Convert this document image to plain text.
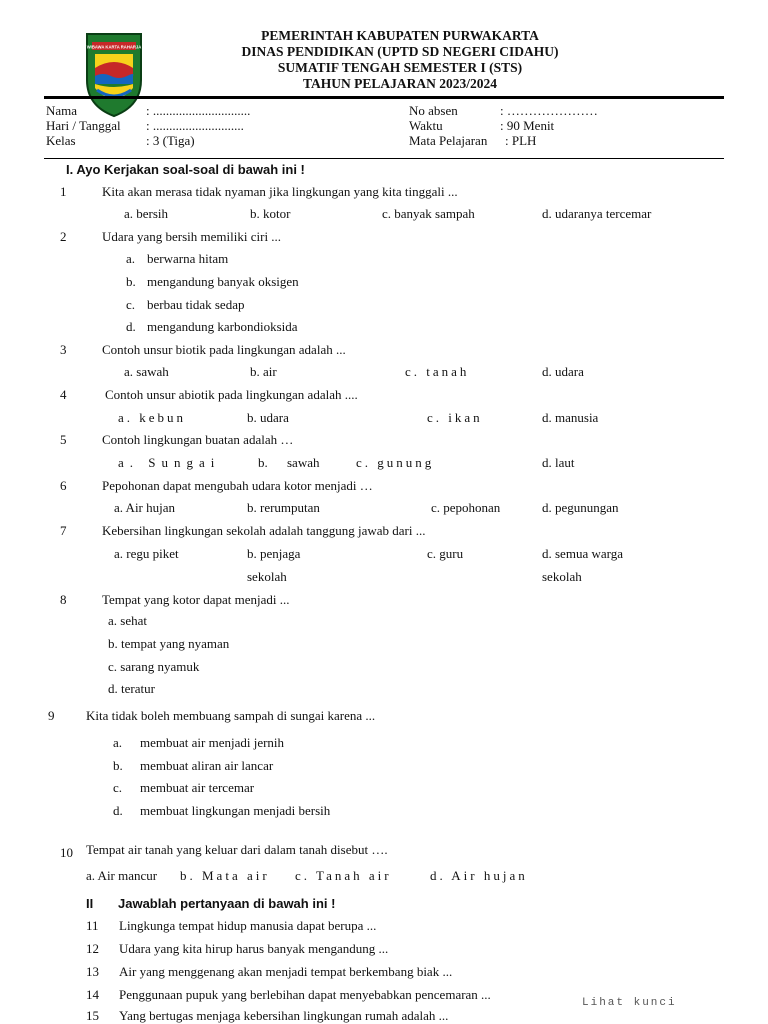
WIBAWA KARTA RAHARJA
PEMERINTAH KABUPATEN PURWAKARTA
DINAS PENDIDIKAN (UPTD SD NEGERI CIDAHU)
SUMATIF TENGAH SEMESTER I (STS)
TAHUN PELAJARAN 2023/2024
Nama	: ..............................
Hari / Tanggal : ............................
Kelas	: 3 (Tiga)
No absen	: …………………
Waktu	: 90 Menit
Mata Pelajaran : PLH
I. Ayo Kerjakan soal-soal di bawah ini !
1	Kita akan merasa tidak nyaman jika lingkungan yang kita tinggali ...
a. bersih	b. kotor	c. banyak sampah	d. udaranya tercemar
2	Udara yang bersih memiliki ciri ...
a. berwarna hitam
b. mengandung banyak oksigen
c. berbau tidak sedap
d. mengandung karbondioksida
3	Contoh unsur biotik pada lingkungan adalah ...
a. sawah	b. air	c. tanah	d. udara
4	Contoh unsur abiotik pada lingkungan adalah ....
a. kebun	b. udara	c. ikan	d. manusia
5	Contoh lingkungan buatan adalah …
a. Sungai	b. sawah	c. gunung	d. laut
6	Pepohonan dapat mengubah udara kotor menjadi …
a. Air hujan	b. rerumputan	c. pepohonan	d. pegunungan
7	Kebersihan lingkungan sekolah adalah tanggung jawab dari ...
a. regu piket	b. penjaga
sekolah
c. guru	d. semua warga
sekolah
8	Tempat yang kotor dapat menjadi ...
a. sehat
b. tempat yang nyaman
c. sarang nyamuk
d. teratur
9 Kita tidak boleh membuang sampah di sungai karena ...
a. membuat air menjadi jernih
b. membuat aliran air lancar
c. membuat air tercemar
d. membuat lingkungan menjadi bersih
10 Tempat air tanah yang keluar dari dalam tanah disebut ….
a. Air mancur b. Mata air c. Tanah air	d. Air hujan
II Jawablah pertanyaan di bawah ini !
11 Lingkunga tempat hidup manusia dapat berupa ...
12 Udara yang kita hirup harus banyak mengandung ...
13 Air yang menggenang akan menjadi tempat berkembang biak ...
14 Penggunaan pupuk yang berlebihan dapat menyebabkan pencemaran ...
15 Yang bertugas menjaga kebersihan lingkungan rumah adalah ...
Lihat kunci
